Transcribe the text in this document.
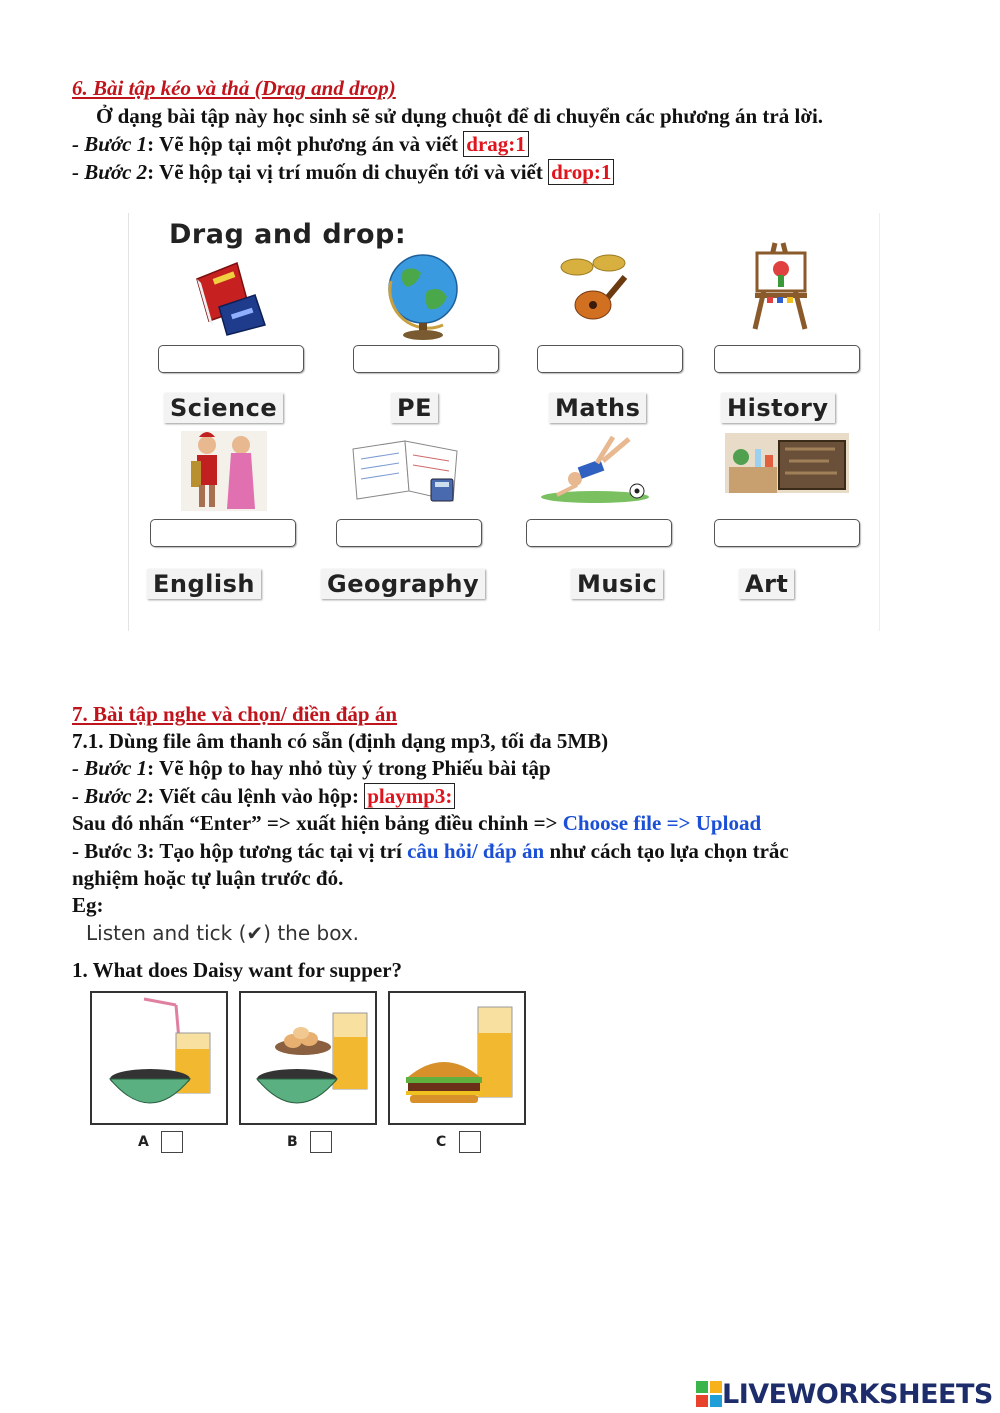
6. Bài tập kéo và thả (Drag and drop)
Ở dạng bài tập này học sinh sẽ sử dụng chuột để di chuyển các phương án trả lời.
- Bước 1: Vẽ hộp tại một phương án và viết drag:1
- Bước 2: Vẽ hộp tại vị trí muốn di chuyển tới và viết drop:1
Drag and drop:
Science	PE	Maths	History
English	Geography	Music	Art
7. Bài tập nghe và chọn/ điền đáp án
7.1. Dùng file âm thanh có sẵn (định dạng mp3, tối đa 5MB)
- Bước 1: Vẽ hộp to hay nhỏ tùy ý trong Phiếu bài tập
- Bước 2: Viết câu lệnh vào hộp: playmp3:
Sau đó nhấn “Enter” => xuất hiện bảng điều chỉnh => Choose file => Upload
- Bước 3: Tạo hộp tương tác tại vị trí câu hỏi/ đáp án như cách tạo lựa chọn trắc
nghiệm hoặc tự luận trước đó.
Eg:
Listen and tick (✔) the box.
1. What does Daisy want for supper?
A	B	C
LIVEWORKSHEETS
